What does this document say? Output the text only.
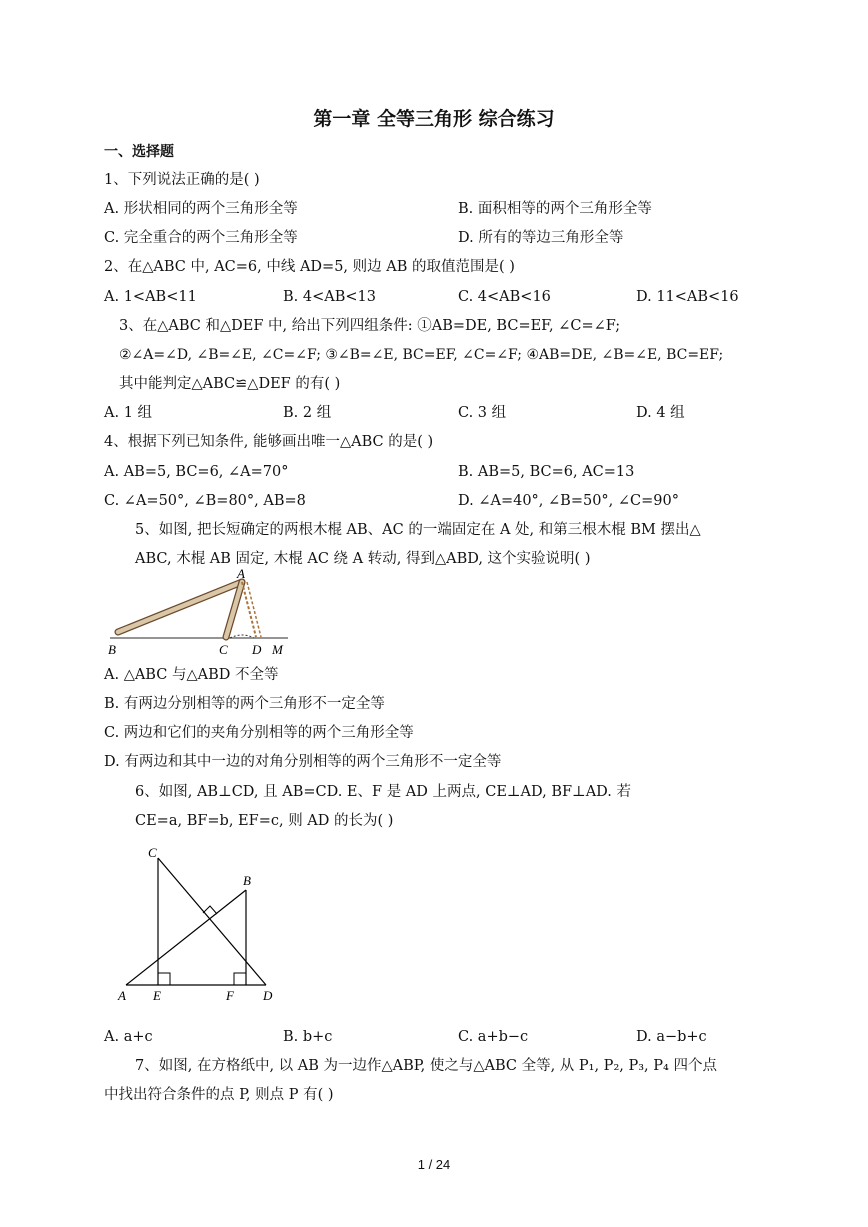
第一章 全等三角形 综合练习
一、选择题
1、下列说法正确的是( )
A. 形状相同的两个三角形全等	B. 面积相等的两个三角形全等
C. 完全重合的两个三角形全等	D. 所有的等边三角形全等
2、在△ABC 中, AC=6, 中线 AD=5, 则边 AB 的取值范围是( )
A. 1<AB<11	B. 4<AB<13	C. 4<AB<16	D. 11<AB<16
3、在△ABC 和△DEF 中, 给出下列四组条件: ①AB=DE, BC=EF, ∠C=∠F;
②∠A=∠D, ∠B=∠E, ∠C=∠F; ③∠B=∠E, BC=EF, ∠C=∠F; ④AB=DE, ∠B=∠E, BC=EF;
其中能判定△ABC≌△DEF 的有( )
A. 1 组	B. 2 组	C. 3 组	D. 4 组
4、根据下列已知条件, 能够画出唯一△ABC 的是( )
A. AB=5, BC=6, ∠A=70°	B. AB=5, BC=6, AC=13
C. ∠A=50°, ∠B=80°, AB=8	D. ∠A=40°, ∠B=50°, ∠C=90°
5、如图, 把长短确定的两根木棍 AB、AC 的一端固定在 A 处, 和第三根木棍 BM 摆出△
ABC, 木棍 AB 固定, 木棍 AC 绕 A 转动, 得到△ABD, 这个实验说明( )
A
B	C D M
A. △ABC 与△ABD 不全等
B. 有两边分别相等的两个三角形不一定全等
C. 两边和它们的夹角分别相等的两个三角形全等
D. 有两边和其中一边的对角分别相等的两个三角形不一定全等
6、如图, AB⊥CD, 且 AB=CD. E、F 是 AD 上两点, CE⊥AD, BF⊥AD. 若
CE=a, BF=b, EF=c, 则 AD 的长为( )
C
B
A E	F D
A. a+c	B. b+c	C. a+b−c	D. a−b+c
7、如图, 在方格纸中, 以 AB 为一边作△ABP, 使之与△ABC 全等, 从 P₁, P₂, P₃, P₄ 四个点
中找出符合条件的点 P, 则点 P 有( )
1 / 24
